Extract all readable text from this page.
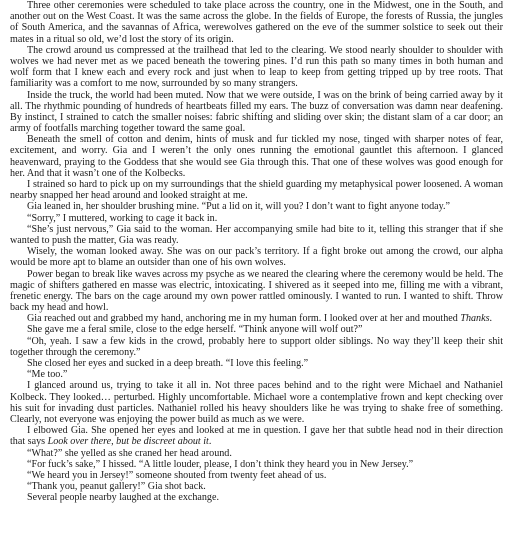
Three other ceremonies were scheduled to take place across the country, one in the Midwest, one in the South, and another out on the West Coast. It was the same across the globe. In the fields of Europe, the forests of Russia, the jungles of South America, and the savannas of Africa, werewolves gathered on the eve of the summer solstice to seek out their mates in a ritual so old, we’d lost the story of its origin.

The crowd around us compressed at the trailhead that led to the clearing. We stood nearly shoulder to shoulder with wolves we had never met as we paced beneath the towering pines. I’d run this path so many times in both human and wolf form that I knew each and every rock and just when to leap to keep from getting tripped up by tree roots. That familiarity was a comfort to me now, surrounded by so many strangers.

Inside the truck, the world had been muted. Now that we were outside, I was on the brink of being carried away by it all. The rhythmic pounding of hundreds of heartbeats filled my ears. The buzz of conversation was damn near deafening. By instinct, I strained to catch the smaller noises: fabric shifting and sliding over skin; the distant slam of a car door; an army of footfalls marching together toward the same goal.

Beneath the smell of cotton and denim, hints of musk and fur tickled my nose, tinged with sharper notes of fear, excitement, and worry. Gia and I weren’t the only ones running the emotional gauntlet this afternoon. I glanced heavenward, praying to the Goddess that she would see Gia through this. That one of these wolves was good enough for her. And that it wasn’t one of the Kolbecks.

I strained so hard to pick up on my surroundings that the shield guarding my metaphysical power loosened. A woman nearby snapped her head around and looked straight at me.

Gia leaned in, her shoulder brushing mine. “Put a lid on it, will you? I don’t want to fight anyone today.”

“Sorry,” I muttered, working to cage it back in.

“She’s just nervous,” Gia said to the woman. Her accompanying smile had bite to it, telling this stranger that if she wanted to push the matter, Gia was ready.

Wisely, the woman looked away. She was on our pack’s territory. If a fight broke out among the crowd, our alpha would be more apt to blame an outsider than one of his own wolves.

Power began to break like waves across my psyche as we neared the clearing where the ceremony would be held. The magic of shifters gathered en masse was electric, intoxicating. I shivered as it seeped into me, filling me with a vibrant, frenetic energy. The bars on the cage around my own power rattled ominously. I wanted to run. I wanted to shift. Throw back my head and howl.

Gia reached out and grabbed my hand, anchoring me in my human form. I looked over at her and mouthed Thanks.

She gave me a feral smile, close to the edge herself. “Think anyone will wolf out?”

“Oh, yeah. I saw a few kids in the crowd, probably here to support older siblings. No way they’ll keep their shit together through the ceremony.”

She closed her eyes and sucked in a deep breath. “I love this feeling.”

“Me too.”

I glanced around us, trying to take it all in. Not three paces behind and to the right were Michael and Nathaniel Kolbeck. They looked… perturbed. Highly uncomfortable. Michael wore a contemplative frown and kept checking over his suit for invading dust particles. Nathaniel rolled his heavy shoulders like he was trying to shake free of something. Clearly, not everyone was enjoying the power build as much as we were.

I elbowed Gia. She opened her eyes and looked at me in question. I gave her that subtle head nod in their direction that says Look over there, but be discreet about it.

“What?” she yelled as she craned her head around.

“For fuck’s sake,” I hissed. “A little louder, please, I don’t think they heard you in New Jersey.”

“We heard you in Jersey!” someone shouted from twenty feet ahead of us.

“Thank you, peanut gallery!” Gia shot back.

Several people nearby laughed at the exchange.
